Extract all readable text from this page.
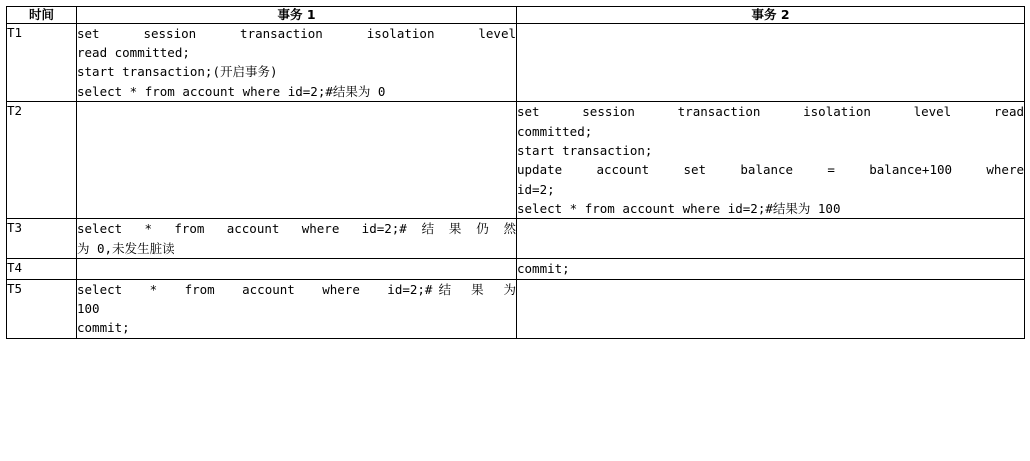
时间	事务 1	事务 2
T1	set  session  transaction  isolation  level
read committed;
start transaction;(开启事务)
select * from account where id=2;#结果为 0	

T2		set   session   transaction   isolation   level   read
committed;
start transaction;
update  account  set  balance  =  balance+100  where
id=2;
select * from account where id=2;#结果为 100

T3	select * from account where id=2;#结果仍然
为 0,未发生脏读	

T4		commit;

T5	select  *  from  account  where  id=2;#结 果 为
100
commit;	
